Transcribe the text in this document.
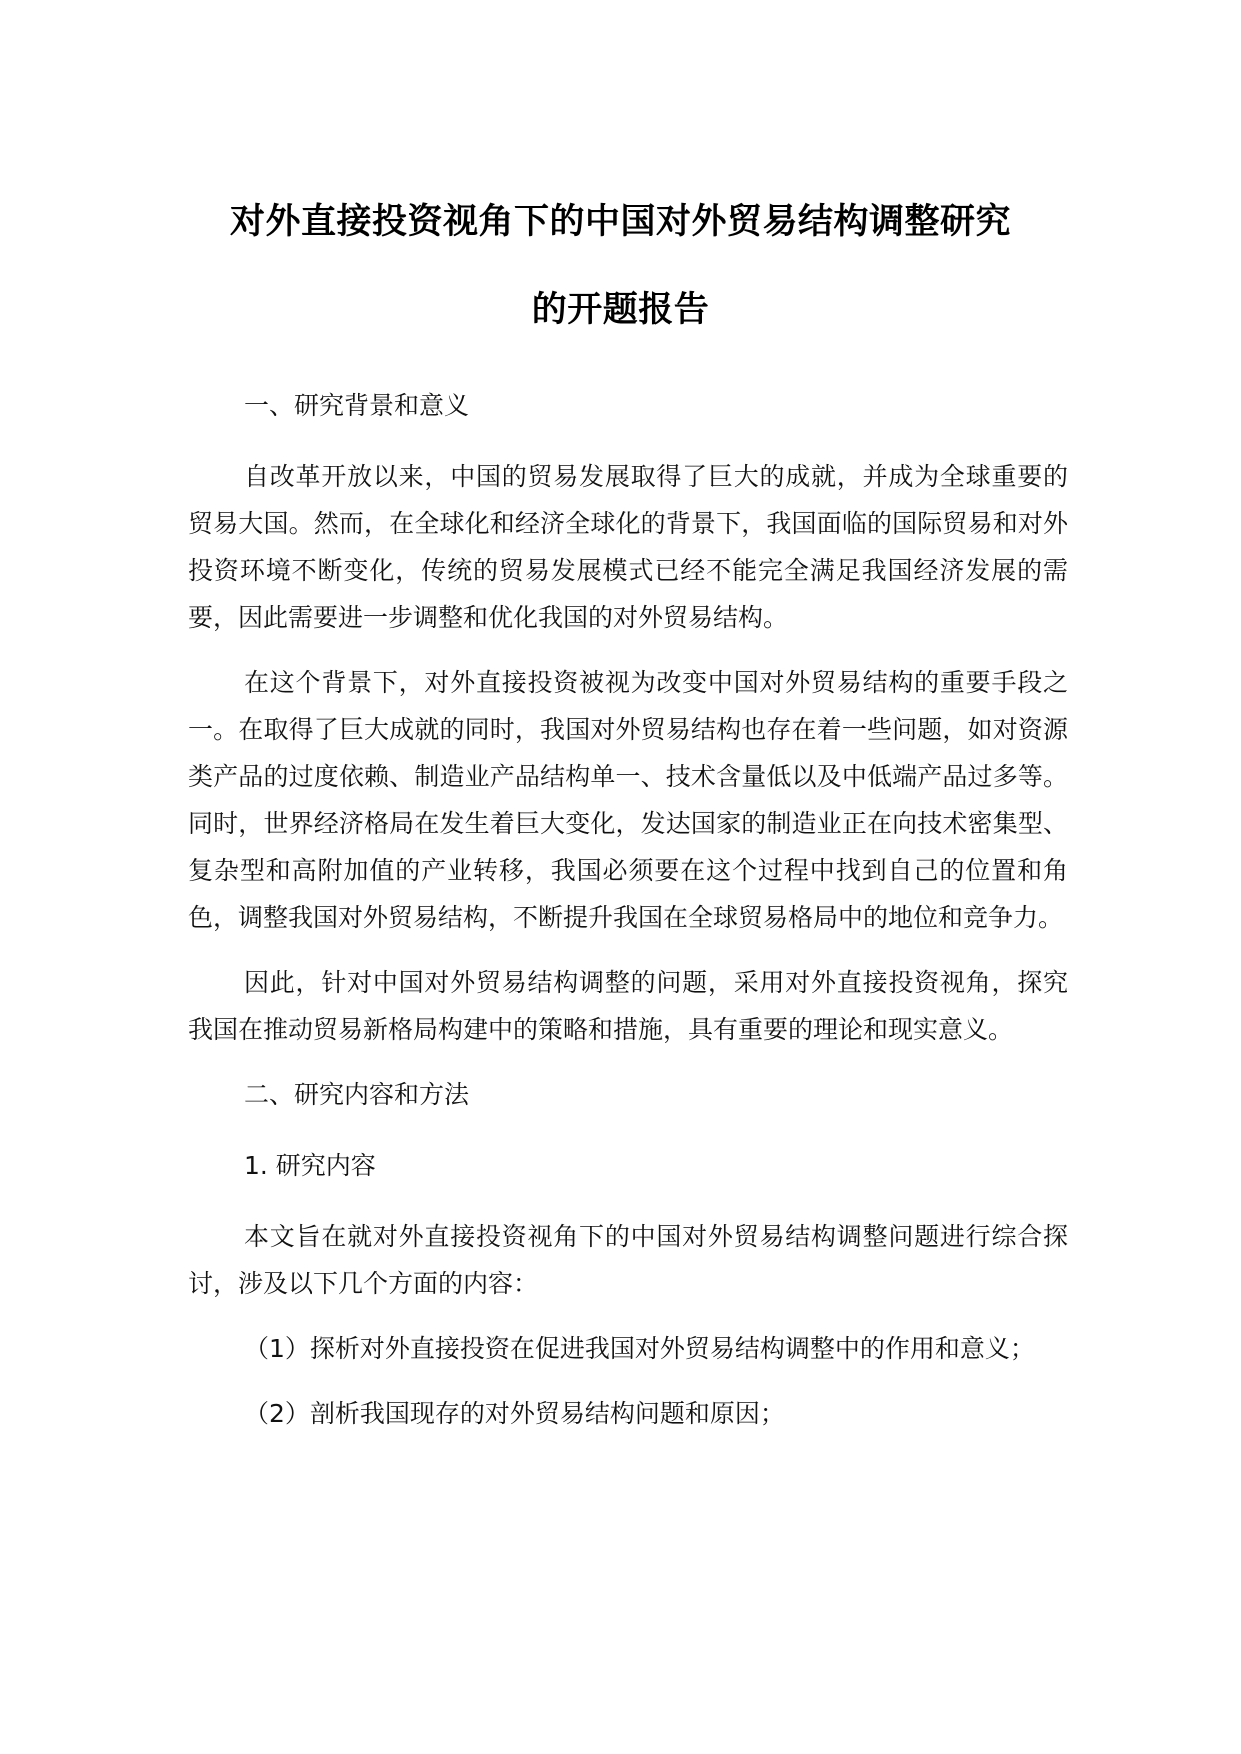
对外直接投资视角下的中国对外贸易结构调整研究
的开题报告
一、研究背景和意义
自改革开放以来，中国的贸易发展取得了巨大的成就，并成为全球重要的贸易大国。然而，在全球化和经济全球化的背景下，我国面临的国际贸易和对外投资环境不断变化，传统的贸易发展模式已经不能完全满足我国经济发展的需要，因此需要进一步调整和优化我国的对外贸易结构。
在这个背景下，对外直接投资被视为改变中国对外贸易结构的重要手段之一。在取得了巨大成就的同时，我国对外贸易结构也存在着一些问题，如对资源类产品的过度依赖、制造业产品结构单一、技术含量低以及中低端产品过多等。同时，世界经济格局在发生着巨大变化，发达国家的制造业正在向技术密集型、复杂型和高附加值的产业转移，我国必须要在这个过程中找到自己的位置和角色，调整我国对外贸易结构，不断提升我国在全球贸易格局中的地位和竞争力。
因此，针对中国对外贸易结构调整的问题，采用对外直接投资视角，探究我国在推动贸易新格局构建中的策略和措施，具有重要的理论和现实意义。
二、研究内容和方法
1. 研究内容
本文旨在就对外直接投资视角下的中国对外贸易结构调整问题进行综合探讨，涉及以下几个方面的内容：
（1）探析对外直接投资在促进我国对外贸易结构调整中的作用和意义；
（2）剖析我国现存的对外贸易结构问题和原因；
